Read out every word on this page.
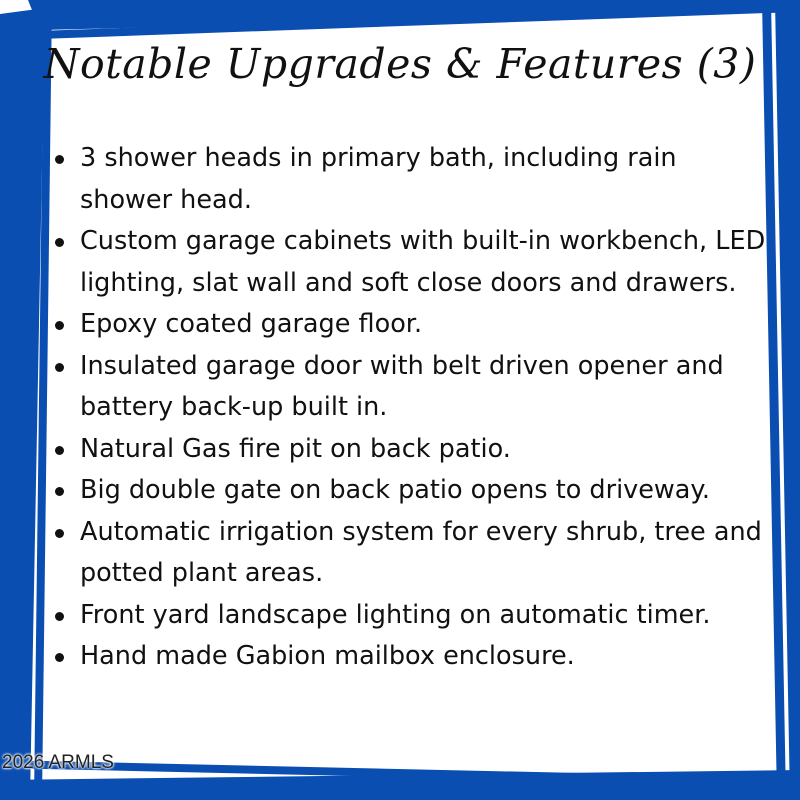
Notable Upgrades & Features (3)
3 shower heads in primary bath, including rain shower head.
Custom garage cabinets with built-in workbench, LED lighting, slat wall and soft close doors and drawers.
Epoxy coated garage floor.
Insulated garage door with belt driven opener and battery back-up built in.
Natural Gas fire pit on back patio.
Big double gate on back patio opens to driveway.
Automatic irrigation system for every shrub, tree and potted plant areas.
Front yard landscape lighting on automatic timer.
Hand made Gabion mailbox enclosure.
2026 ARMLS
